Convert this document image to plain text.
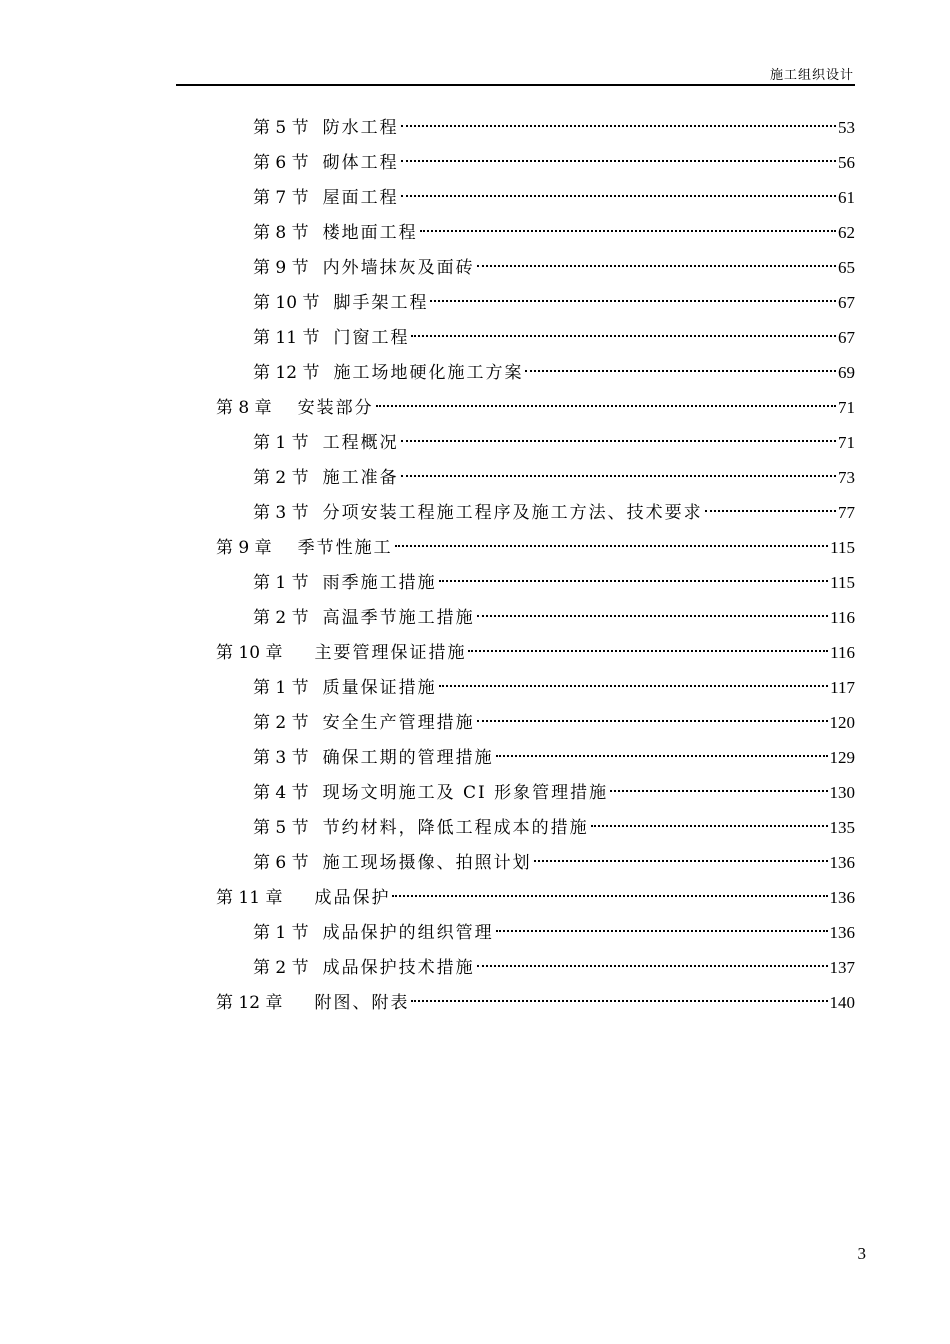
施工组织设计
第 5 节 防水工程	53
第 6 节 砌体工程	56
第 7 节 屋面工程	61
第 8 节 楼地面工程	62
第 9 节 内外墙抹灰及面砖	65
第 10 节 脚手架工程	67
第 11 节 门窗工程	67
第 12 节 施工场地硬化施工方案	69
第 8 章 安装部分	71
第 1 节 工程概况	71
第 2 节 施工准备	73
第 3 节 分项安装工程施工程序及施工方法、技术要求	77
第 9 章 季节性施工	115
第 1 节 雨季施工措施	115
第 2 节 高温季节施工措施	116
第 10 章 主要管理保证措施	116
第 1 节 质量保证措施	117
第 2 节 安全生产管理措施	120
第 3 节 确保工期的管理措施	129
第 4 节 现场文明施工及 CI 形象管理措施	130
第 5 节 节约材料，降低工程成本的措施	135
第 6 节 施工现场摄像、拍照计划	136
第 11 章 成品保护	136
第 1 节 成品保护的组织管理	136
第 2 节 成品保护技术措施	137
第 12 章 附图、附表	140
3
